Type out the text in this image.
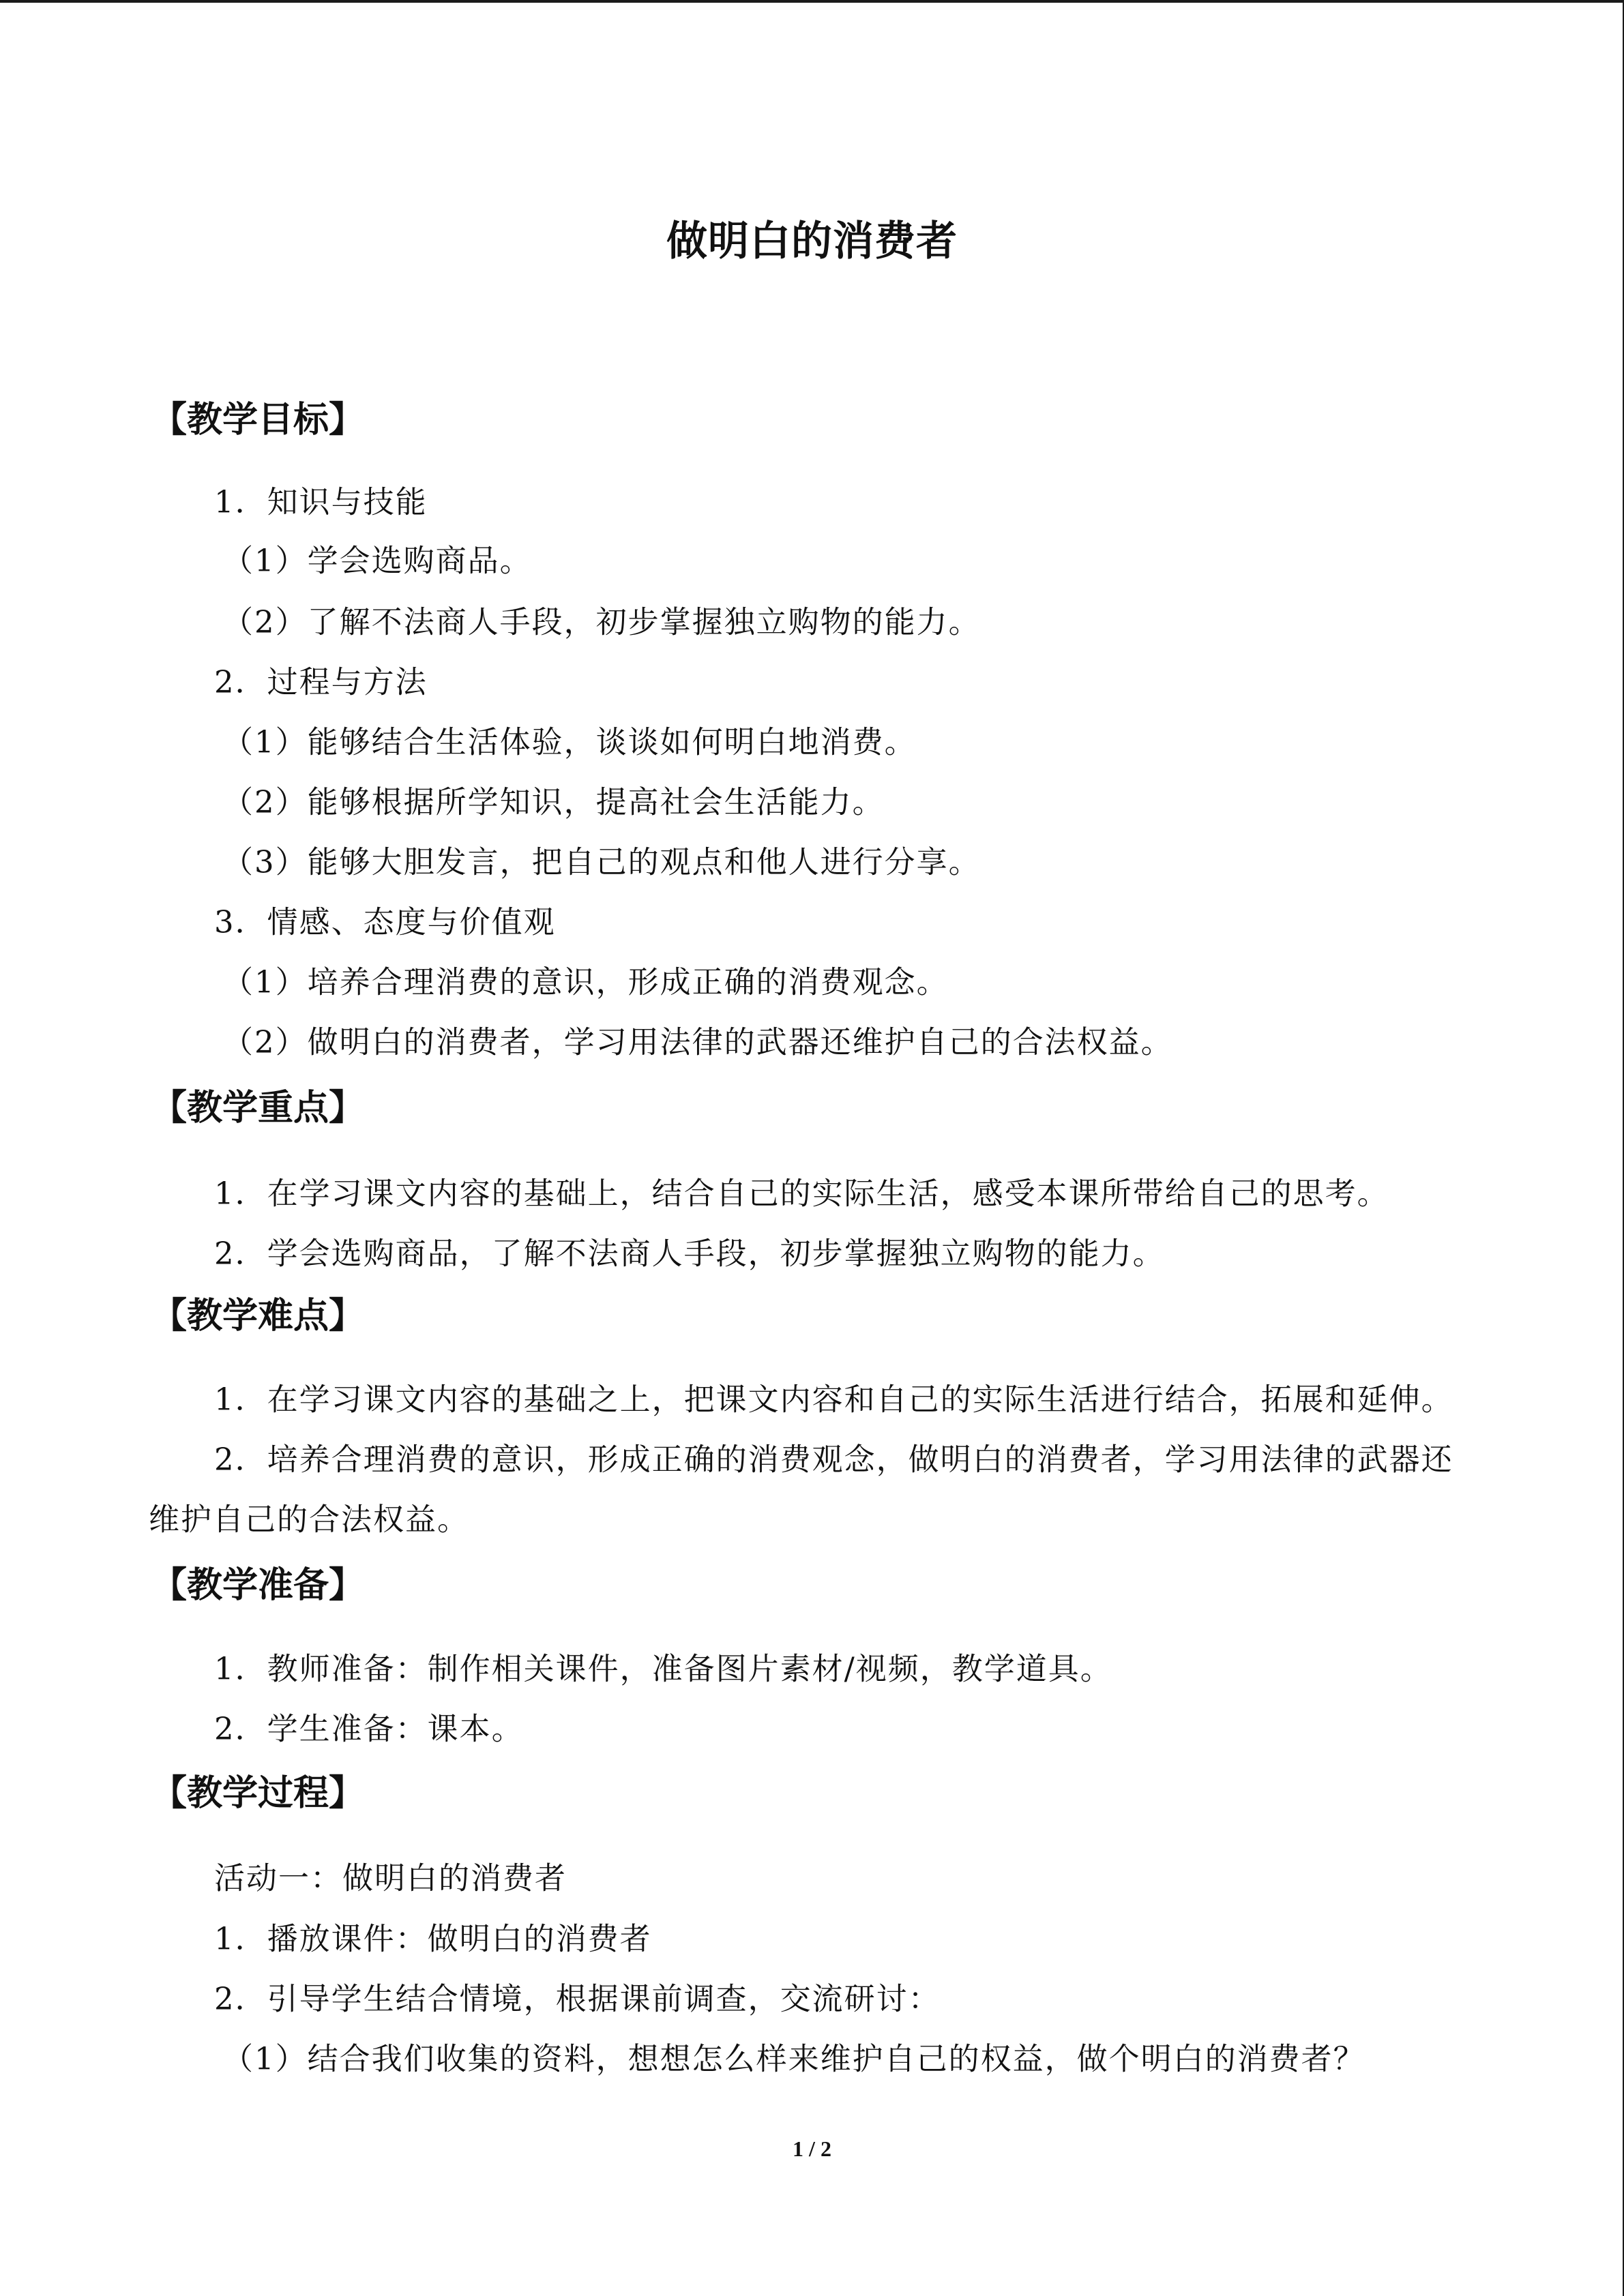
做明白的消费者
【教学目标】
1．知识与技能
（1）学会选购商品。
（2）了解不法商人手段，初步掌握独立购物的能力。
2．过程与方法
（1）能够结合生活体验，谈谈如何明白地消费。
（2）能够根据所学知识，提高社会生活能力。
（3）能够大胆发言，把自己的观点和他人进行分享。
3．情感、态度与价值观
（1）培养合理消费的意识，形成正确的消费观念。
（2）做明白的消费者，学习用法律的武器还维护自己的合法权益。
【教学重点】
1．在学习课文内容的基础上，结合自己的实际生活，感受本课所带给自己的思考。
2．学会选购商品，了解不法商人手段，初步掌握独立购物的能力。
【教学难点】
1．在学习课文内容的基础之上，把课文内容和自己的实际生活进行结合，拓展和延伸。
2．培养合理消费的意识，形成正确的消费观念，做明白的消费者，学习用法律的武器还
维护自己的合法权益。
【教学准备】
1．教师准备：制作相关课件，准备图片素材/视频，教学道具。
2．学生准备：课本。
【教学过程】
活动一：做明白的消费者
1．播放课件：做明白的消费者
2．引导学生结合情境，根据课前调查，交流研讨：
（1）结合我们收集的资料，想想怎么样来维护自己的权益，做个明白的消费者？
1 / 2
